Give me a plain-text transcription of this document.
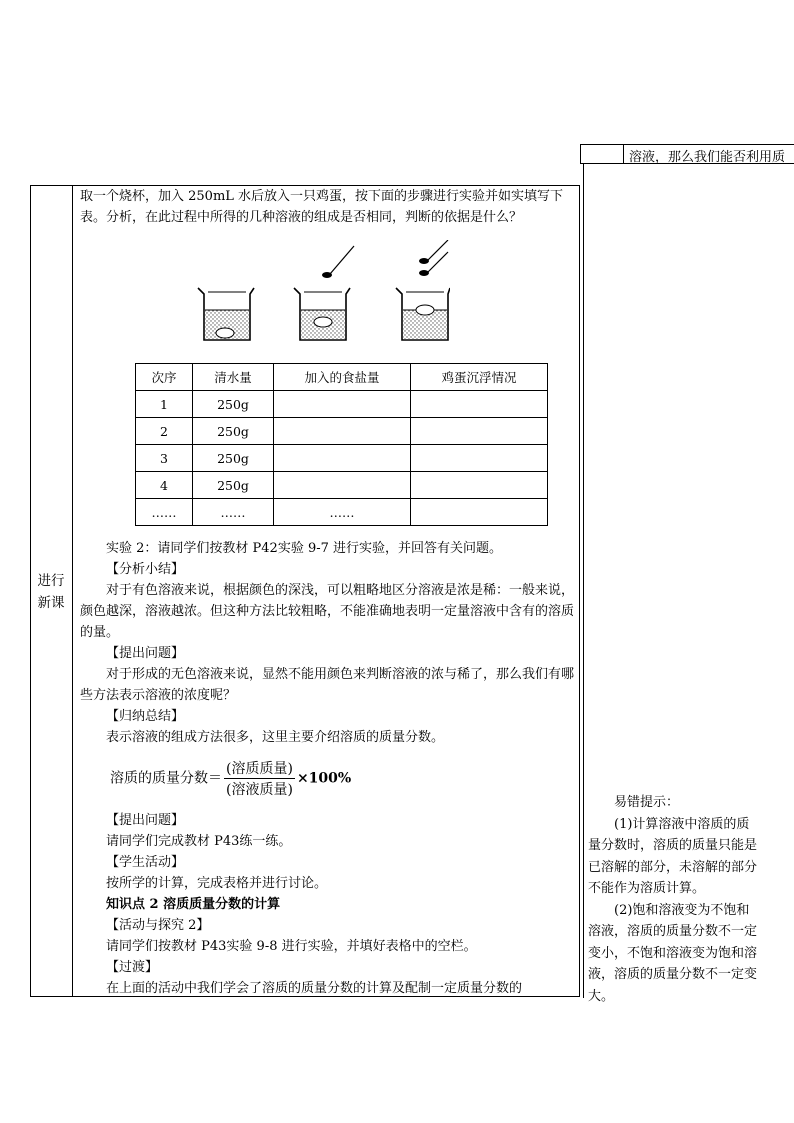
溶液，那么我们能否利用质
进行
新课

取一个烧杯，加入 250mL 水后放入一只鸡蛋，按下面的步骤进行实验并如实填写下表。分析，在此过程中所得的几种溶液的组成是否相同，判断的依据是什么？

次序	清水量	加入的食盐量	鸡蛋沉浮情况
1	250g		
2	250g		
3	250g		
4	250g		
……	……	……	

实验 2：请同学们按教材 P42实验 9-7 进行实验，并回答有关问题。

【分析小结】

对于有色溶液来说，根据颜色的深浅，可以粗略地区分溶液是浓是稀：一般来说，颜色越深，溶液越浓。但这种方法比较粗略，不能准确地表明一定量溶液中含有的溶质的量。

【提出问题】

对于形成的无色溶液来说，显然不能用颜色来判断溶液的浓与稀了，那么我们有哪些方法表示溶液的浓度呢？

【归纳总结】

表示溶液的组成方法很多，这里主要介绍溶质的质量分数。

溶质的质量分数＝ $\frac{\text{(溶质质量)}}{\text{(溶液质量)}} \times 100\%$

【提出问题】

请同学们完成教材 P43练一练。

【学生活动】

按所学的计算，完成表格并进行讨论。

知识点 2 溶质质量分数的计算

【活动与探究 2】

请同学们按教材 P43实验 9-8 进行实验，并填好表格中的空栏。

【过渡】

在上面的活动中我们学会了溶质的质量分数的计算及配制一定质量分数的

易错提示：
(1)计算溶液中溶质的质量分数时，溶质的质量只能是已溶解的部分，未溶解的部分不能作为溶质计算。
(2)饱和溶液变为不饱和溶液，溶质的质量分数不一定变小，不饱和溶液变为饱和溶液，溶质的质量分数不一定变大。
